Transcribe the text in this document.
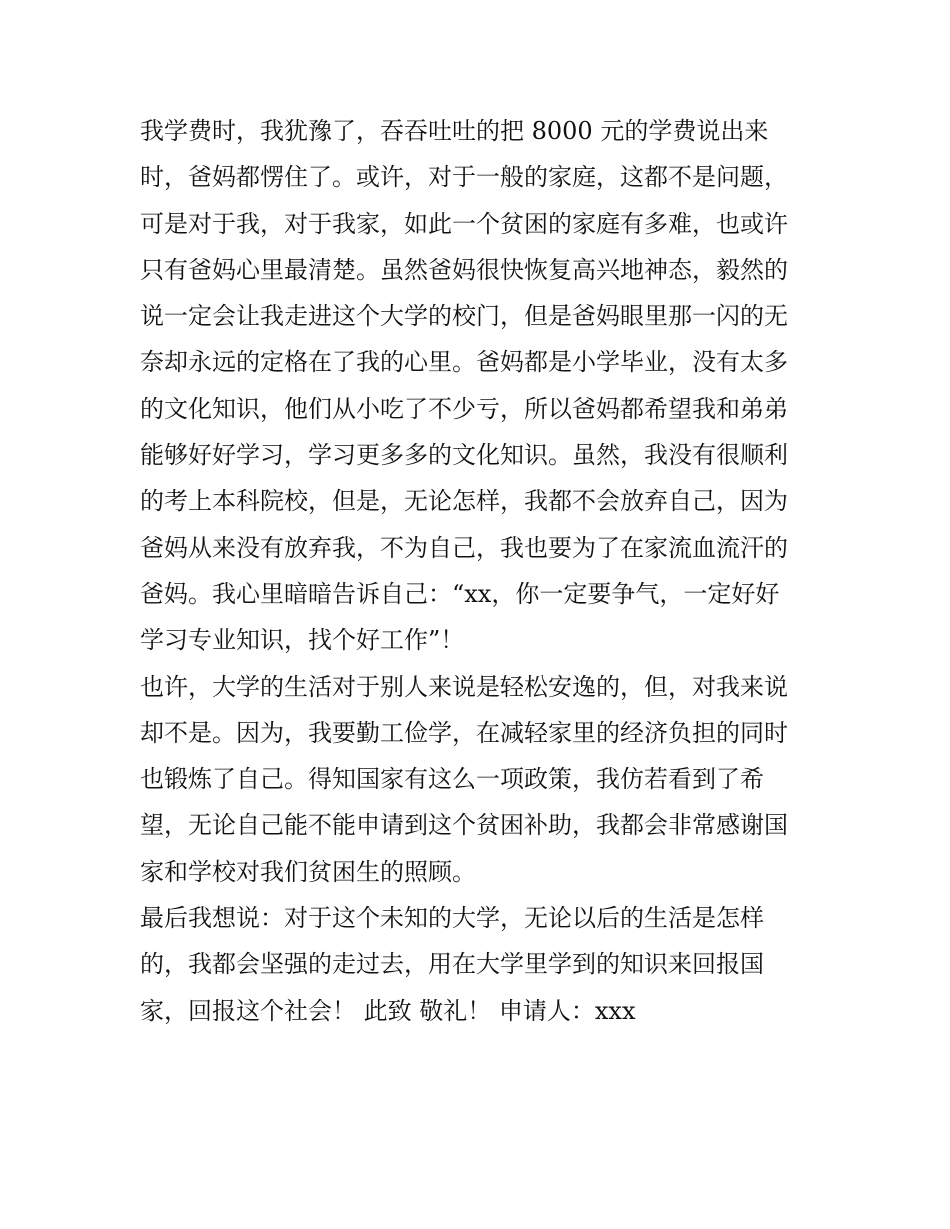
我学费时，我犹豫了，吞吞吐吐的把 8000 元的学费说出来
时，爸妈都愣住了。或许，对于一般的家庭，这都不是问题，
可是对于我，对于我家，如此一个贫困的家庭有多难，也或许
只有爸妈心里最清楚。虽然爸妈很快恢复高兴地神态，毅然的
说一定会让我走进这个大学的校门，但是爸妈眼里那一闪的无
奈却永远的定格在了我的心里。爸妈都是小学毕业，没有太多
的文化知识，他们从小吃了不少亏，所以爸妈都希望我和弟弟
能够好好学习，学习更多多的文化知识。虽然，我没有很顺利
的考上本科院校，但是，无论怎样，我都不会放弃自己，因为
爸妈从来没有放弃我，不为自己，我也要为了在家流血流汗的
爸妈。我心里暗暗告诉自己：“xx，你一定要争气，一定好好
学习专业知识，找个好工作”！
也许，大学的生活对于别人来说是轻松安逸的，但，对我来说
却不是。因为，我要勤工俭学，在减轻家里的经济负担的同时
也锻炼了自己。得知国家有这么一项政策，我仿若看到了希
望，无论自己能不能申请到这个贫困补助，我都会非常感谢国
家和学校对我们贫困生的照顾。
最后我想说：对于这个未知的大学，无论以后的生活是怎样
的，我都会坚强的走过去，用在大学里学到的知识来回报国
家，回报这个社会！ 此致 敬礼！ 申请人：xxx
